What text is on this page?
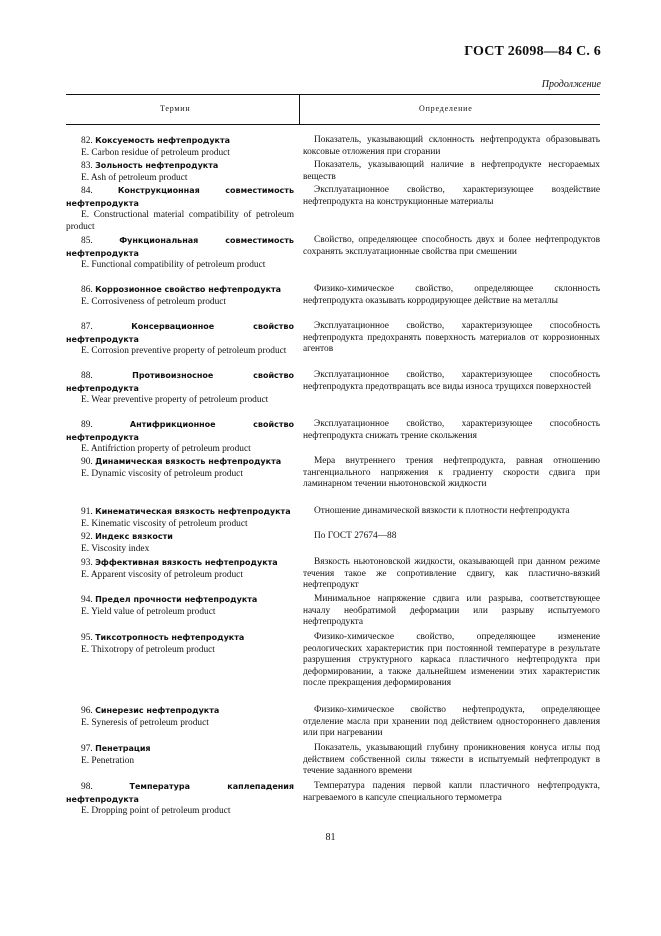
ГОСТ 26098—84 С. 6
Продолжение
Термин	Определение
82. Коксуемость нефтепродукта
E. Carbon residue of petroleum product
Показатель, указывающий склонность нефтепродукта образовывать коксовые отложения при сгорании
83. Зольность нефтепродукта
E. Ash of petroleum product
Показатель, указывающий наличие в нефтепродукте несгораемых веществ
84.	Конструкционная совместимость нефтепродукта
E. Constructional material compatibility of petroleum product
Эксплуатационное свойство, характеризующее воздействие нефтепродукта на конструкционные материалы
85.	Функциональная совместимость нефтепродукта
E. Functional compatibility of petroleum product
Свойство, определяющее способность двух и более нефтепродуктов сохранять эксплуатационные свойства при смешении
86. Коррозионное свойство нефтепродукта
E. Corrosiveness of petroleum product
Физико-химическое свойство, определяющее склонность нефтепродукта оказывать корродирующее действие на металлы
87.	Консервационное свойство нефтепродукта
E. Corrosion preventive property of petroleum product
Эксплуатационное свойство, характеризующее способность нефтепродукта предохранять поверхность материалов от коррозионных агентов
88.	Противоизносное свойство нефтепродукта
E. Wear preventive property of petroleum product
Эксплуатационное свойство, характеризующее способность нефтепродукта предотвращать все виды износа трущихся поверхностей
89.	Антифрикционное свойство нефтепродукта
E. Antifriction property of petroleum product
Эксплуатационное свойство, характеризующее способность нефтепродукта снижать трение скольжения
90. Динамическая вязкость нефтепродукта
E. Dynamic viscosity of petroleum product
Мера внутреннего трения нефтепродукта, равная отношению тангенциального напряжения к градиенту скорости сдвига при ламинарном течении ньютоновской жидкости
91. Кинематическая вязкость нефтепродукта
E. Kinematic viscosity of petroleum product
Отношение динамической вязкости к плотности нефтепродукта
92. Индекс вязкости
E. Viscosity index
По ГОСТ 27674—88
93. Эффективная вязкость нефтепродукта
E. Apparent viscosity of petroleum product
Вязкость ньютоновской жидкости, оказывающей при данном режиме течения такое же сопротивление сдвигу, как пластично-вязкий нефтепродукт
94. Предел прочности нефтепродукта
E. Yield value of petroleum product
Минимальное напряжение сдвига или разрыва, соответствующее началу необратимой деформации или разрыву испытуемого нефтепродукта
95. Тиксотропность нефтепродукта
E. Thixotropy of petroleum product
Физико-химическое свойство, определяющее изменение реологических характеристик при постоянной температуре в результате разрушения структурного каркаса пластичного нефтепродукта при деформировании, а также дальнейшем изменении этих характеристик после прекращения деформирования
96. Синерезис нефтепродукта
E. Syneresis of petroleum product
Физико-химическое свойство нефтепродукта, определяющее отделение масла при хранении под действием одностороннего давления или при нагревании
97. Пенетрация
E. Penetration
Показатель, указывающий глубину проникновения конуса иглы под действием собственной силы тяжести в испытуемый нефтепродукт в течение заданного времени
98.	Температура каплепадения нефтепродукта
E. Dropping point of petroleum product
Температура падения первой капли пластичного нефтепродукта, нагреваемого в капсуле специального термометра
81
